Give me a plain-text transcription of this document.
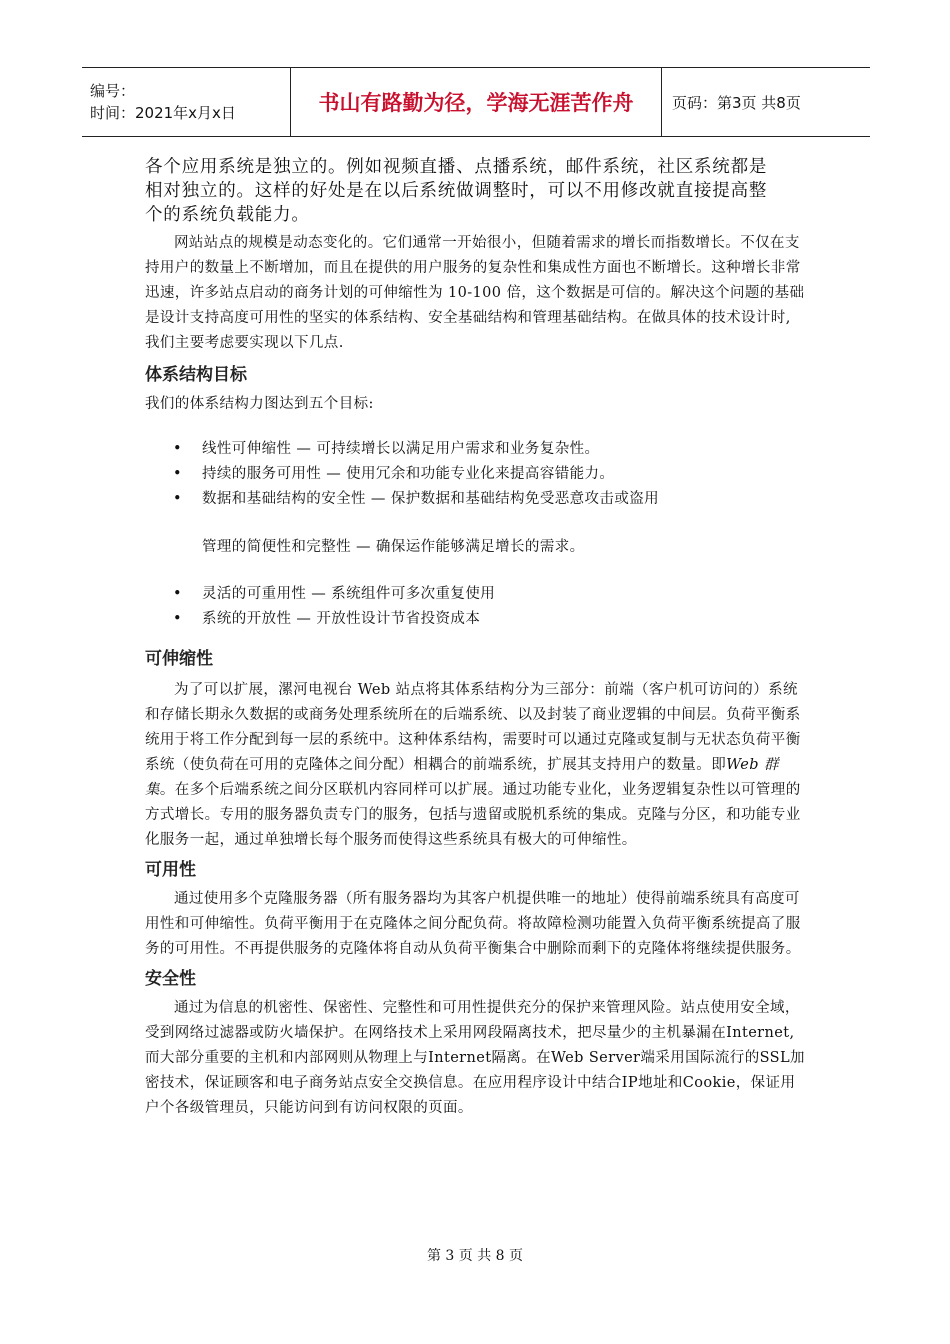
编号：
时间：2021年x月x日	书山有路勤为径，学海无涯苦作舟	页码：第3页 共8页

各个应用系统是独立的。例如视频直播、点播系统，邮件系统，社区系统都是

相对独立的。这样的好处是在以后系统做调整时，可以不用修改就直接提高整

个的系统负载能力。

网站站点的规模是动态变化的。它们通常一开始很小，但随着需求的增长而指数增长。不仅在支持用户的数量上不断增加，而且在提供的用户服务的复杂性和集成性方面也不断增长。这种增长非常迅速，许多站点启动的商务计划的可伸缩性为 10-100 倍，这个数据是可信的。解决这个问题的基础是设计支持高度可用性的坚实的体系结构、安全基础结构和管理基础结构。在做具体的技术设计时,我们主要考虑要实现以下几点.

体系结构目标

我们的体系结构力图达到五个目标:

• 线性可伸缩性 — 可持续增长以满足用户需求和业务复杂性。
• 持续的服务可用性 — 使用冗余和功能专业化来提高容错能力。
• 数据和基础结构的安全性 — 保护数据和基础结构免受恶意攻击或盗用
管理的简便性和完整性 — 确保运作能够满足增长的需求。
• 灵活的可重用性 — 系统组件可多次重复使用
• 系统的开放性 — 开放性设计节省投资成本
可伸缩性

为了可以扩展，漯河电视台 Web 站点将其体系结构分为三部分：前端（客户机可访问的）系统和存储长期永久数据的或商务处理系统所在的后端系统、以及封装了商业逻辑的中间层。负荷平衡系统用于将工作分配到每一层的系统中。这种体系结构，需要时可以通过克隆或复制与无状态负荷平衡系统（使负荷在可用的克隆体之间分配）相耦合的前端系统，扩展其支持用户的数量。即Web 群集。在多个后端系统之间分区联机内容同样可以扩展。通过功能专业化，业务逻辑复杂性以可管理的方式增长。专用的服务器负责专门的服务，包括与遗留或脱机系统的集成。克隆与分区，和功能专业化服务一起，通过单独增长每个服务而使得这些系统具有极大的可伸缩性。

可用性

通过使用多个克隆服务器（所有服务器均为其客户机提供唯一的地址）使得前端系统具有高度可用性和可伸缩性。负荷平衡用于在克隆体之间分配负荷。将故障检测功能置入负荷平衡系统提高了服务的可用性。不再提供服务的克隆体将自动从负荷平衡集合中删除而剩下的克隆体将继续提供服务。

安全性

通过为信息的机密性、保密性、完整性和可用性提供充分的保护来管理风险。站点使用安全域，受到网络过滤器或防火墙保护。在网络技术上采用网段隔离技术，把尽量少的主机暴漏在Internet,而大部分重要的主机和内部网则从物理上与Internet隔离。在Web Server端采用国际流行的SSL加密技术，保证顾客和电子商务站点安全交换信息。在应用程序设计中结合IP地址和Cookie，保证用户个各级管理员，只能访问到有访问权限的页面。

第 3 页 共 8 页
